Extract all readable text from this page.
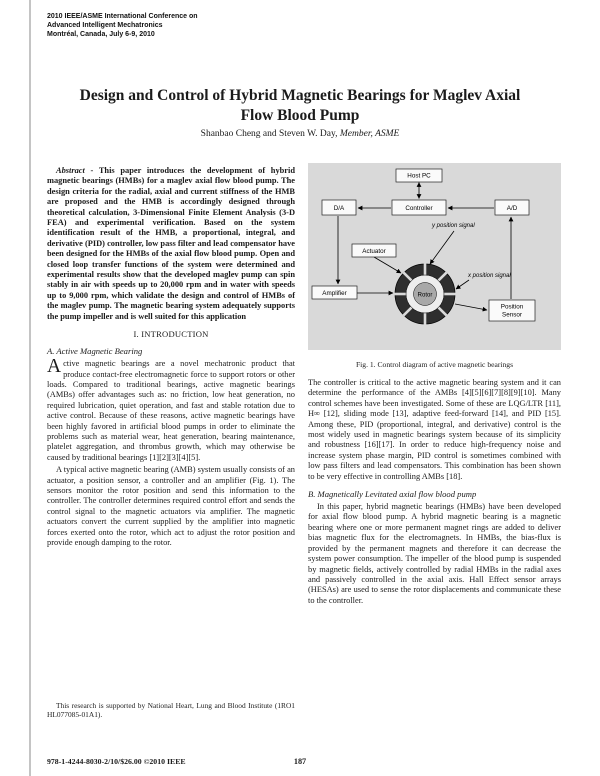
2010 IEEE/ASME International Conference on
Advanced Intelligent Mechatronics
Montréal, Canada, July 6-9, 2010
Design and Control of Hybrid Magnetic Bearings for Maglev Axial
Flow Blood Pump
Shanbao Cheng and Steven W. Day, Member, ASME

Abstract - This paper introduces the development of hybrid magnetic bearings (HMBs) for a maglev axial flow blood pump. The design criteria for the radial, axial and current stiffness of the HMB are proposed and the HMB is accordingly designed through theoretical calculation, 3-Dimensional Finite Element Analysis (3-D FEA) and experimental verification. Based on the system identification result of the HMB, a proportional, integral, and derivative (PID) controller, low pass filter and lead compensator have been designed for the HMBs of the axial flow blood pump. Open and closed loop transfer functions of the system were determined and experimental results show that the developed maglev pump can spin stably in air with speeds up to 20,000 rpm and in water with speeds up to 9,000 rpm, which validate the design and control of HMBs of the maglev pump. The magnetic bearing system adequately supports the pump impeller and is well suited for this application

I. INTRODUCTION
A. Active Magnetic Bearing

Active magnetic bearings are a novel mechatronic product that produce contact-free electromagnetic force to support rotors or other loads. Compared to traditional bearings, active magnetic bearings (AMBs) offer advantages such as: no friction, low heat generation, no required lubrication, quiet operation, and fast and stable rotation due to active control. Because of these reasons, active magnetic bearings have been highly favored in artificial blood pumps in order to eliminate the problems such as material wear, heat generation, bearing maintenance, platelet aggregation, and thrombus growth, which may otherwise be caused by traditional bearings [1][2][3][4][5].

A typical active magnetic bearing (AMB) system usually consists of an actuator, a position sensor, a controller and an amplifier (Fig. 1). The sensors monitor the rotor position and send this information to the controller. The controller determines required control effort and sends the control signal to the magnetic actuators via amplifier. The magnetic actuators convert the current supplied by the amplifier into magnetic forces exerted onto the rotor, which act to adjust the rotor position and provide enough damping to the rotor.

Rotor
Host PC
Controller
D/A	A/D
Actuator
Amplifier
Position
Sensor
y position signal
x position signal
Fig. 1. Control diagram of active magnetic bearings

The controller is critical to the active magnetic bearing system and it can determine the performance of the AMBs [4][5][6][7][8][9][10]. Many control schemes have been investigated. Some of these are LQG/LTR [11], H∞ [12], sliding mode [13], adaptive feed-forward [14], and PID [15]. Among these, PID (proportional, integral, and derivative) control is the most widely used in magnetic bearings system because of its simplicity and robustness [16][17]. In order to reduce high-frequency noise and increase system phase margin, PID control is sometimes combined with low pass filters and lead compensators. This combination has been shown to be very effective in controlling AMBs [18].

B. Magnetically Levitated axial flow blood pump

In this paper, hybrid magnetic bearings (HMBs) have been developed for axial flow blood pump. A hybrid magnetic bearing is a magnetic bearing where one or more permanent magnet rings are added to deliver bias magnetic flux for the electromagnets. In HMBs, the bias-flux is provided by the permanent magnets and therefore it can decrease the system power consumption. The impeller of the blood pump is suspended by magnetic fields, actively controlled by radial HMBs in the radial axes and passively controlled in the axial axis. Hall Effect sensor arrays (HESAs) are used to sense the rotor displacements and communicate these to the controller.

This research is supported by National Heart, Lung and Blood Institute (1RO1 HL077085-01A1).
978-1-4244-8030-2/10/$26.00 ©2010 IEEE	187
